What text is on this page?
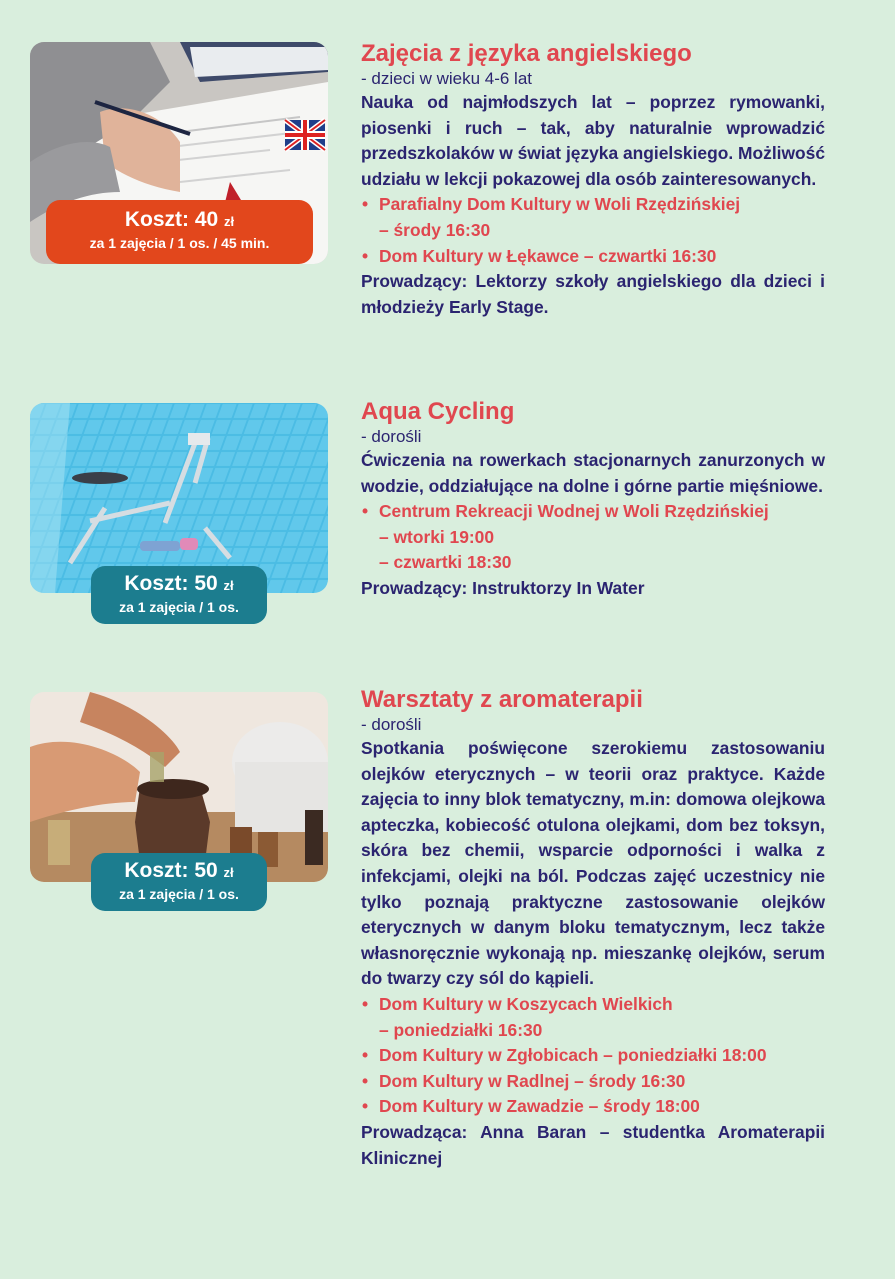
Koszt: 40 zł
za 1 zajęcia / 1 os. / 45 min.
Zajęcia z języka angielskiego
- dzieci w wieku 4-6 lat

Nauka od najmłodszych lat – poprzez rymowanki, piosenki i ruch – tak, aby naturalnie wprowadzić przedszkolaków w świat języka angielskiego. Możliwość udziału w lekcji pokazowej dla osób zainteresowanych.

• Parafialny Dom Kultury w Woli Rzędzińskiej
– środy 16:30
• Dom Kultury w Łękawce – czwartki 16:30

Prowadzący: Lektorzy szkoły angielskiego dla dzieci i młodzieży Early Stage.

Koszt: 50 zł
za 1 zajęcia / 1 os.
Aqua Cycling
- dorośli

Ćwiczenia na rowerkach stacjonarnych zanurzonych w wodzie, oddziałujące na dolne i górne partie mięśniowe.

• Centrum Rekreacji Wodnej w Woli Rzędzińskiej
– wtorki 19:00
– czwartki 18:30

Prowadzący: Instruktorzy In Water

Koszt: 50 zł
za 1 zajęcia / 1 os.
Warsztaty z aromaterapii
- dorośli

Spotkania poświęcone szerokiemu zastosowaniu olejków eterycznych – w teorii oraz praktyce. Każde zajęcia to inny blok tematyczny, m.in: domowa olejkowa apteczka, kobiecość otulona olejkami, dom bez toksyn, skóra bez chemii, wsparcie odporności i walka z infekcjami, olejki na ból. Podczas zajęć uczestnicy nie tylko poznają praktyczne zastosowanie olejków eterycznych w danym bloku tematycznym, lecz także własnoręcznie wykonają np. mieszankę olejków, serum do twarzy czy sól do kąpieli.

• Dom Kultury w Koszycach Wielkich
– poniedziałki 16:30
• Dom Kultury w Zgłobicach – poniedziałki 18:00
• Dom Kultury w Radlnej – środy 16:30
• Dom Kultury w Zawadzie – środy 18:00

Prowadząca: Anna Baran – studentka Aromaterapii Klinicznej
